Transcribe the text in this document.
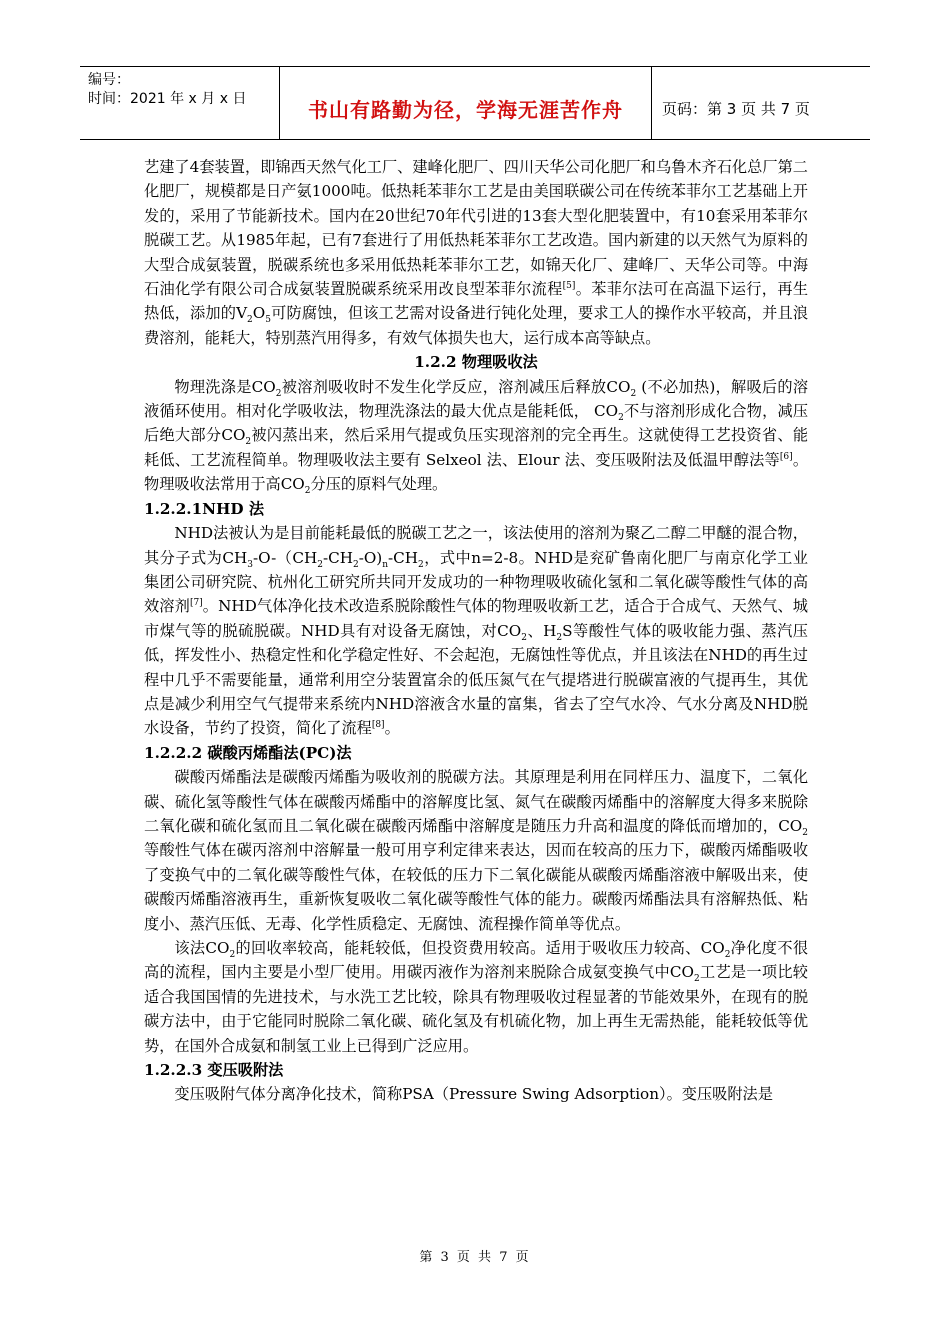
编号：
时间：2021 年 x 月 x 日	书山有路勤为径，学海无涯苦作舟	页码：第 3 页 共 7 页

艺建了4套装置，即锦西天然气化工厂、建峰化肥厂、四川天华公司化肥厂和乌鲁木齐石化总厂第二化肥厂，规模都是日产氨1000吨。低热耗苯菲尔工艺是由美国联碳公司在传统苯菲尔工艺基础上开发的，采用了节能新技术。国内在20世纪70年代引进的13套大型化肥装置中，有10套采用苯菲尔脱碳工艺。从1985年起，已有7套进行了用低热耗苯菲尔工艺改造。国内新建的以天然气为原料的大型合成氨装置，脱碳系统也多采用低热耗苯菲尔工艺，如锦天化厂、建峰厂、天华公司等。中海石油化学有限公司合成氨装置脱碳系统采用改良型苯菲尔流程[5]。苯菲尔法可在高温下运行，再生热低，添加的$V_2O_5$可防腐蚀，但该工艺需对设备进行钝化处理，要求工人的操作水平较高，并且浪费溶剂，能耗大，特别蒸汽用得多，有效气体损失也大，运行成本高等缺点。

1.2.2 物理吸收法

物理洗涤是$CO_2$被溶剂吸收时不发生化学反应，溶剂减压后释放$CO_2$ (不必加热)，解吸后的溶液循环使用。相对化学吸收法，物理洗涤法的最大优点是能耗低， $CO_2$不与溶剂形成化合物，减压后绝大部分$CO_2$被闪蒸出来，然后采用气提或负压实现溶剂的完全再生。这就使得工艺投资省、能耗低、工艺流程简单。物理吸收法主要有 Selxeol 法、Elour 法、变压吸附法及低温甲醇法等[6]。物理吸收法常用于高$CO_2$分压的原料气处理。

1.2.2.1NHD 法

NHD法被认为是目前能耗最低的脱碳工艺之一，该法使用的溶剂为聚乙二醇二甲醚的混合物，其分子式为$CH_3-O-(CH_2-CH_2-O)_n-CH_2$，式中n=2-8。NHD是兖矿鲁南化肥厂与南京化学工业集团公司研究院、杭州化工研究所共同开发成功的一种物理吸收硫化氢和二氧化碳等酸性气体的高效溶剂[7]。NHD气体净化技术改造系脱除酸性气体的物理吸收新工艺，适合于合成气、天然气、城市煤气等的脱硫脱碳。NHD具有对设备无腐蚀，对$CO_2$、$H_2S$等酸性气体的吸收能力强、蒸汽压低，挥发性小、热稳定性和化学稳定性好、不会起泡，无腐蚀性等优点，并且该法在NHD的再生过程中几乎不需要能量，通常利用空分装置富余的低压氮气在气提塔进行脱碳富液的气提再生，其优点是减少利用空气气提带来系统内NHD溶液含水量的富集，省去了空气水冷、气水分离及NHD脱水设备，节约了投资，简化了流程[8]。

1.2.2.2 碳酸丙烯酯法(PC)法

碳酸丙烯酯法是碳酸丙烯酯为吸收剂的脱碳方法。其原理是利用在同样压力、温度下，二氧化碳、硫化氢等酸性气体在碳酸丙烯酯中的溶解度比氢、氮气在碳酸丙烯酯中的溶解度大得多来脱除二氧化碳和硫化氢而且二氧化碳在碳酸丙烯酯中溶解度是随压力升高和温度的降低而增加的，$CO_2$等酸性气体在碳丙溶剂中溶解量一般可用亨利定律来表达，因而在较高的压力下，碳酸丙烯酯吸收了变换气中的二氧化碳等酸性气体，在较低的压力下二氧化碳能从碳酸丙烯酯溶液中解吸出来，使碳酸丙烯酯溶液再生，重新恢复吸收二氧化碳等酸性气体的能力。碳酸丙烯酯法具有溶解热低、粘度小、蒸汽压低、无毒、化学性质稳定、无腐蚀、流程操作简单等优点。

该法$CO_2$的回收率较高，能耗较低，但投资费用较高。适用于吸收压力较高、$CO_2$净化度不很高的流程，国内主要是小型厂使用。用碳丙液作为溶剂来脱除合成氨变换气中$CO_2$工艺是一项比较适合我国国情的先进技术，与水洗工艺比较，除具有物理吸收过程显著的节能效果外，在现有的脱碳方法中，由于它能同时脱除二氧化碳、硫化氢及有机硫化物，加上再生无需热能，能耗较低等优势，在国外合成氨和制氢工业上已得到广泛应用。

1.2.2.3 变压吸附法

变压吸附气体分离净化技术，简称PSA（Pressure Swing Adsorption）。变压吸附法是

第 3 页 共 7 页
